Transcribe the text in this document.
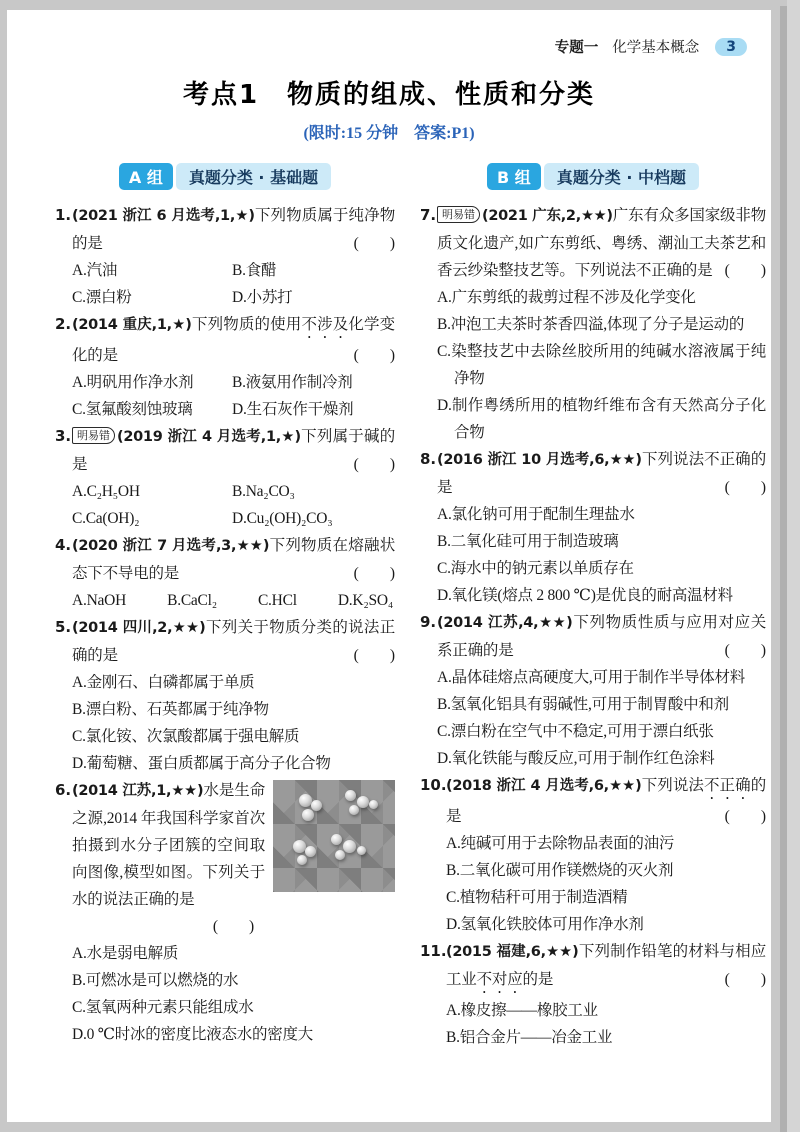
专题一 化学基本概念	3
考点1　物质的组成、性质和分类
(限时:15 分钟　答案:P1)
A 组	真题分类 · 基础题
1. (2021 浙江 6 月选考,1,★)下列物质属于纯净物的是	(　　)

A.汽油	B.食醋
C.漂白粉	D.小苏打
2. (2014 重庆,1,★)下列物质的使用不涉及化学变化的是	(　　)

A.明矾用作净水剂	B.液氨用作制冷剂
C.氢氟酸刻蚀玻璃	D.生石灰作干燥剂
3. 明易错 (2019 浙江 4 月选考,1,★)下列属于碱的是	(　　)

A.C₂H₅OH	B.Na₂CO₃
C.Ca(OH)₂	D.Cu₂(OH)₂CO₃
4. (2020 浙江 7 月选考,3,★★)下列物质在熔融状态下不导电的是	(　　)

A.NaOH	B.CaCl₂	C.HCl	D.K₂SO₄
5. (2014 四川,2,★★)下列关于物质分类的说法正确的是	(　　)

A.金刚石、白磷都属于单质
B.漂白粉、石英都属于纯净物
C.氯化铵、次氯酸都属于强电解质
D.葡萄糖、蛋白质都属于高分子化合物
6. (2014 江苏,1,★★)水是生命之源,2014 年我国科学家首次拍摄到水分子团簇的空间取向图像,模型如图。下列关于水的说法正确的是
(　　)

A.水是弱电解质
B.可燃冰是可以燃烧的水
C.氢氧两种元素只能组成水
D.0 ℃时冰的密度比液态水的密度大
B 组	真题分类 · 中档题
7. 明易错 (2021 广东,2,★★)广东有众多国家级非物质文化遗产,如广东剪纸、粤绣、潮汕工夫茶艺和香云纱染整技艺等。下列说法不正确的是 (　　)

A.广东剪纸的裁剪过程不涉及化学变化
B.冲泡工夫茶时茶香四溢,体现了分子是运动的
C.染整技艺中去除丝胶所用的纯碱水溶液属于纯净物
D.制作粤绣所用的植物纤维布含有天然高分子化合物
8. (2016 浙江 10 月选考,6,★★)下列说法不正确的是	(　　)

A.氯化钠可用于配制生理盐水
B.二氧化硅可用于制造玻璃
C.海水中的钠元素以单质存在
D.氧化镁(熔点 2 800 ℃)是优良的耐高温材料
9. (2014 江苏,4,★★)下列物质性质与应用对应关系正确的是	(　　)

A.晶体硅熔点高硬度大,可用于制作半导体材料
B.氢氧化铝具有弱碱性,可用于制胃酸中和剂
C.漂白粉在空气中不稳定,可用于漂白纸张
D.氧化铁能与酸反应,可用于制作红色涂料
10. (2018 浙江 4 月选考,6,★★)下列说法不正确的是	(　　)

A.纯碱可用于去除物品表面的油污
B.二氧化碳可用作镁燃烧的灭火剂
C.植物秸秆可用于制造酒精
D.氢氧化铁胶体可用作净水剂
11. (2015 福建,6,★★)下列制作铅笔的材料与相应工业不对应的是	(　　)

A.橡皮擦——橡胶工业
B.铝合金片——冶金工业
